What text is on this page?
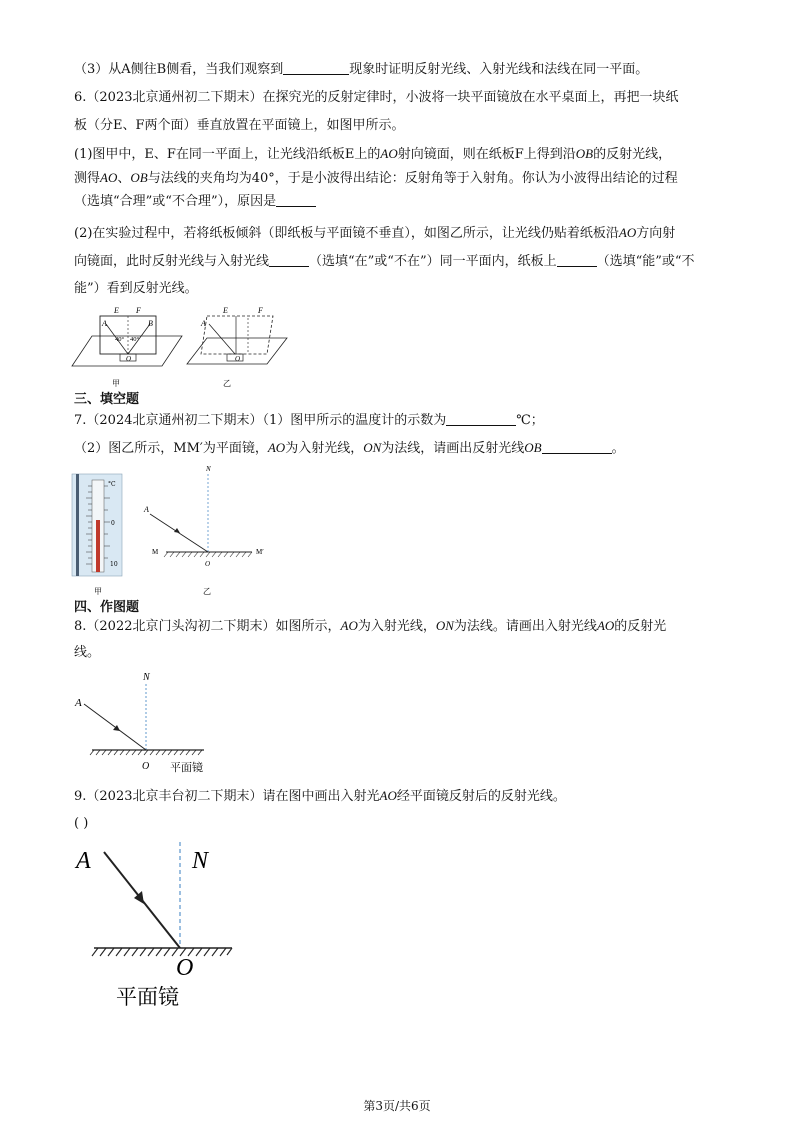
（3）从A侧往B侧看，当我们观察到	现象时证明反射光线、入射光线和法线在同一平面。
6.（2023北京通州初二下期末）在探究光的反射定律时，小波将一块平面镜放在水平桌面上，再把一块纸
板（分E、F两个面）垂直放置在平面镜上，如图甲所示。
(1)图甲中，E、F在同一平面上，让光线沿纸板E上的AO射向镜面，则在纸板F上得到沿OB的反射光线，
测得AO、OB与法线的夹角均为40°，于是小波得出结论：反射角等于入射角。你认为小波得出结论的过程
（选填“合理”或“不合理”），原因是
(2)在实验过程中，若将纸板倾斜（即纸板与平面镜不垂直），如图乙所示，让光线仍贴着纸板沿AO方向射
向镜面，此时反射光线与入射光线	（选填“在”或“不在”）同一平面内，纸板上	（选填“能”或“不
能”）看到反射光线。
E F
A	B
40° 40°
O
甲
E	F
A
O
乙
三、填空题
7.（2024北京通州初二下期末）（1）图甲所示的温度计的示数为	℃；
（2）图乙所示，MM′为平面镜，AO为入射光线，ON为法线，请画出反射光线OB	。
°C
0
10
甲
N
A
M	M′
O
乙
四、作图题
8.（2022北京门头沟初二下期末）如图所示，AO为入射光线，ON为法线。请画出入射光线AO的反射光
线。
N
A
O 平面镜
9.（2023北京丰台初二下期末）请在图中画出入射光AO经平面镜反射后的反射光线。
( )
N
A
O
平面镜
第3页/共6页
